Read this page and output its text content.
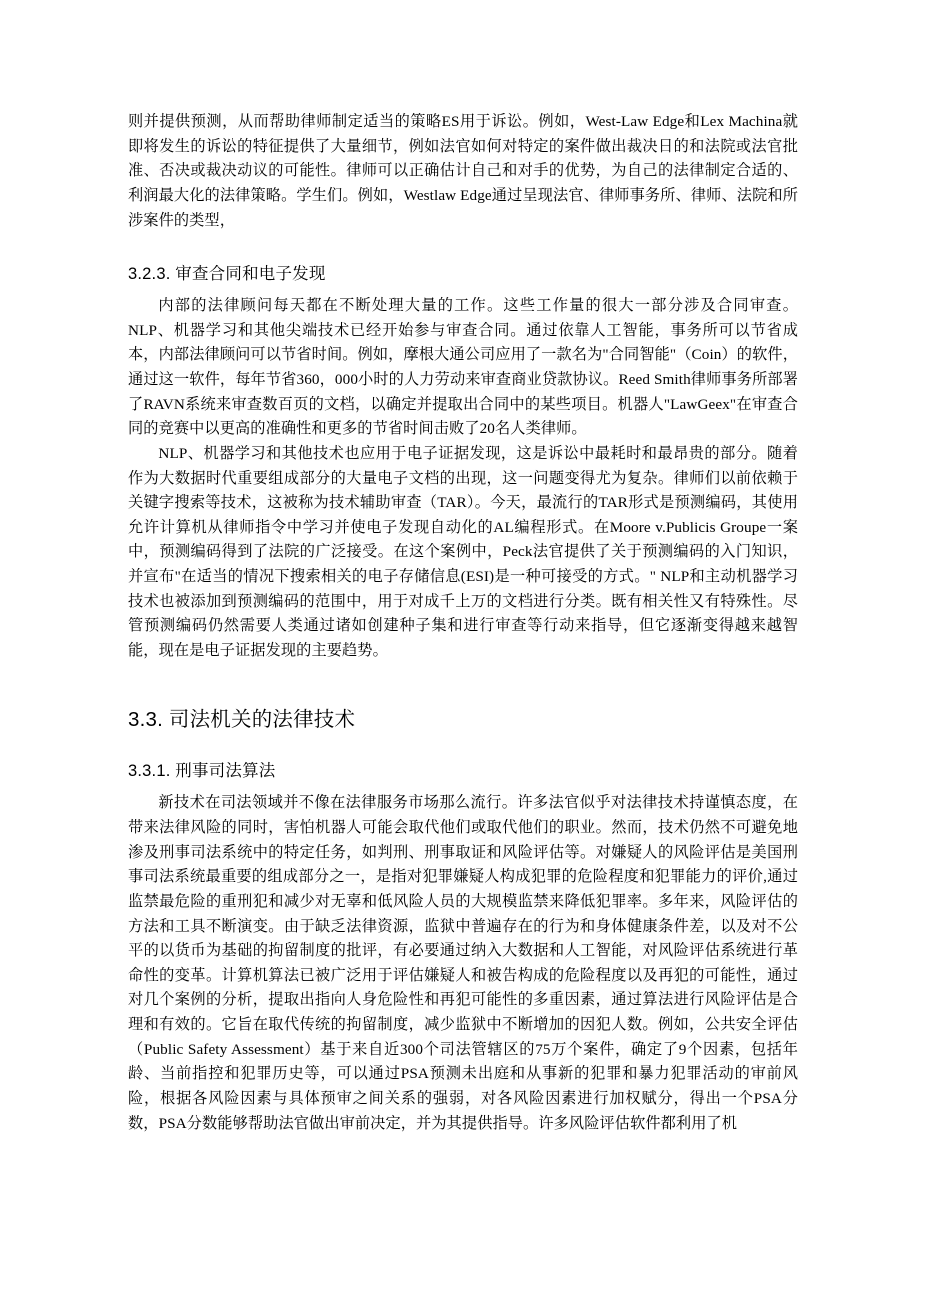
则并提供预测，从而帮助律师制定适当的策略ES用于诉讼。例如，West-Law Edge和Lex Machina就即将发生的诉讼的特征提供了大量细节，例如法官如何对特定的案件做出裁决日的和法院或法官批准、否决或裁决动议的可能性。律师可以正确估计自己和对手的优势，为自己的法律制定合适的、利润最大化的法律策略。学生们。例如，Westlaw Edge通过呈现法官、律师事务所、律师、法院和所涉案件的类型，

3.2.3. 审查合同和电子发现

内部的法律顾问每天都在不断处理大量的工作。这些工作量的很大一部分涉及合同审查。NLP、机器学习和其他尖端技术已经开始参与审查合同。通过依靠人工智能，事务所可以节省成本，内部法律顾问可以节省时间。例如，摩根大通公司应用了一款名为"合同智能"（Coin）的软件，通过这一软件，每年节省360，000小时的人力劳动来审查商业贷款协议。Reed Smith律师事务所部署了RAVN系统来审查数百页的文档，以确定并提取出合同中的某些项目。机器人"LawGeex"在审查合同的竞赛中以更高的准确性和更多的节省时间击败了20名人类律师。

NLP、机器学习和其他技术也应用于电子证据发现，这是诉讼中最耗时和最昂贵的部分。随着作为大数据时代重要组成部分的大量电子文档的出现，这一问题变得尤为复杂。律师们以前依赖于关键字搜索等技术，这被称为技术辅助审查（TAR）。今天，最流行的TAR形式是预测编码，其使用允许计算机从律师指令中学习并使电子发现自动化的AL编程形式。在Moore v.Publicis Groupe一案中，预测编码得到了法院的广泛接受。在这个案例中，Peck法官提供了关于预测编码的入门知识，并宣布"在适当的情况下搜索相关的电子存储信息(ESI)是一种可接受的方式。" NLP和主动机器学习技术也被添加到预测编码的范围中，用于对成千上万的文档进行分类。既有相关性又有特殊性。尽管预测编码仍然需要人类通过诸如创建种子集和进行审查等行动来指导，但它逐渐变得越来越智能，现在是电子证据发现的主要趋势。

3.3. 司法机关的法律技术
3.3.1. 刑事司法算法

新技术在司法领域并不像在法律服务市场那么流行。许多法官似乎对法律技术持谨慎态度，在带来法律风险的同时，害怕机器人可能会取代他们或取代他们的职业。然而，技术仍然不可避免地渗及刑事司法系统中的特定任务，如判刑、刑事取证和风险评估等。对嫌疑人的风险评估是美国刑事司法系统最重要的组成部分之一，是指对犯罪嫌疑人构成犯罪的危险程度和犯罪能力的评价,通过监禁最危险的重刑犯和减少对无辜和低风险人员的大规模监禁来降低犯罪率。多年来，风险评估的方法和工具不断演变。由于缺乏法律资源，监狱中普遍存在的行为和身体健康条件差，以及对不公平的以货币为基础的拘留制度的批评，有必要通过纳入大数据和人工智能，对风险评估系统进行革命性的变革。计算机算法已被广泛用于评估嫌疑人和被告构成的危险程度以及再犯的可能性，通过对几个案例的分析，提取出指向人身危险性和再犯可能性的多重因素，通过算法进行风险评估是合理和有效的。它旨在取代传统的拘留制度，减少监狱中不断增加的因犯人数。例如，公共安全评估（Public Safety Assessment）基于来自近300个司法管辖区的75万个案件，确定了9个因素，包括年龄、当前指控和犯罪历史等，可以通过PSA预测未出庭和从事新的犯罪和暴力犯罪活动的审前风险，根据各风险因素与具体预审之间关系的强弱，对各风险因素进行加权赋分，得出一个PSA分数，PSA分数能够帮助法官做出审前决定，并为其提供指导。许多风险评估软件都利用了机
